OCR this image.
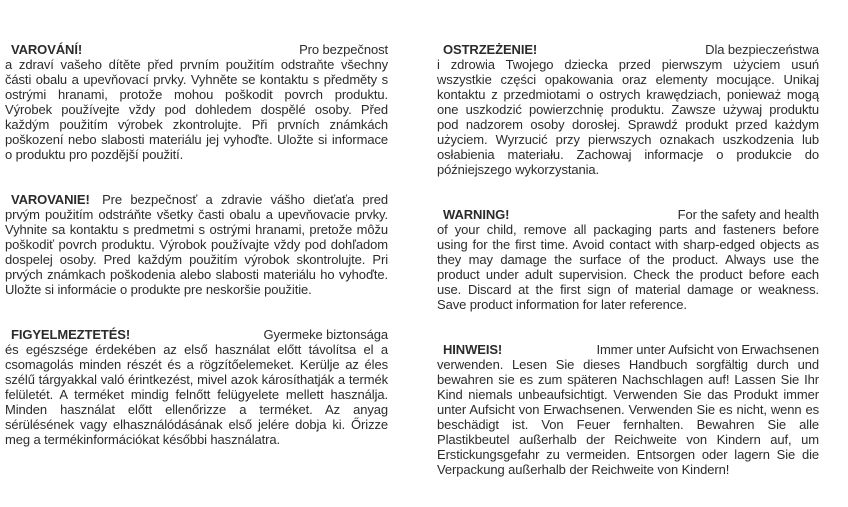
VAROVÁNÍ!	Pro bezpečnost
a zdraví vašeho dítěte před prvním použitím odstraňte všechny části obalu a upevňovací prvky. Vyhněte se kontaktu s předměty s ostrými hranami, protože mohou poškodit povrch produktu. Výrobek používejte vždy pod dohledem dospělé osoby. Před každým použitím výrobek zkontrolujte. Při prvních známkách poškození nebo slabosti materiálu jej vyhoďte. Uložte si informace o produktu pro pozdější použití.

VAROVANIE! Pre bezpečnosť a zdravie vášho dieťaťa pred prvým použitím odstráňte všetky časti obalu a upevňovacie prvky. Vyhnite sa kontaktu s predmetmi s ostrými hranami, pretože môžu poškodiť povrch produktu. Výrobok používajte vždy pod dohľadom dospelej osoby. Pred každým použitím výrobok skontrolujte. Pri prvých známkach poškodenia alebo slabosti materiálu ho vyhoďte. Uložte si informácie o produkte pre neskoršie použitie.

FIGYELMEZTETÉS!	Gyermeke biztonsága
és egészsége érdekében az első használat előtt távolítsa el a csomagolás minden részét és a rögzítőelemeket. Kerülje az éles szélű tárgyakkal való érintkezést, mivel azok károsíthatják a termék felületét. A terméket mindig felnőtt felügyelete mellett használja. Minden használat előtt ellenőrizze a terméket. Az anyag sérülésének vagy elhasználódásának első jelére dobja ki. Őrizze meg a termékinformációkat későbbi használatra.

OSTRZEŻENIE!	Dla bezpieczeństwa
i zdrowia Twojego dziecka przed pierwszym użyciem usuń wszystkie części opakowania oraz elementy mocujące. Unikaj kontaktu z przedmiotami o ostrych krawędziach, ponieważ mogą one uszkodzić powierzchnię produktu. Zawsze używaj produktu pod nadzorem osoby dorosłej. Sprawdź produkt przed każdym użyciem. Wyrzucić przy pierwszych oznakach uszkodzenia lub osłabienia materiału. Zachowaj informacje o produkcie do późniejszego wykorzystania.

WARNING!	For the safety and health
of your child, remove all packaging parts and fasteners before using for the first time. Avoid contact with sharp-edged objects as they may damage the surface of the product. Always use the product under adult supervision. Check the product before each use. Discard at the first sign of material damage or weakness. Save product information for later reference.

HINWEIS!	Immer unter Aufsicht von Erwachsenen
verwenden. Lesen Sie dieses Handbuch sorgfältig durch und bewahren sie es zum späteren Nachschlagen auf! Lassen Sie Ihr Kind niemals unbeaufsichtigt. Verwenden Sie das Produkt immer unter Aufsicht von Erwachsenen. Verwenden Sie es nicht, wenn es beschädigt ist. Von Feuer fernhalten. Bewahren Sie alle Plastikbeutel außerhalb der Reichweite von Kindern auf, um Erstickungsgefahr zu vermeiden. Entsorgen oder lagern Sie die Verpackung außerhalb der Reichweite von Kindern!
